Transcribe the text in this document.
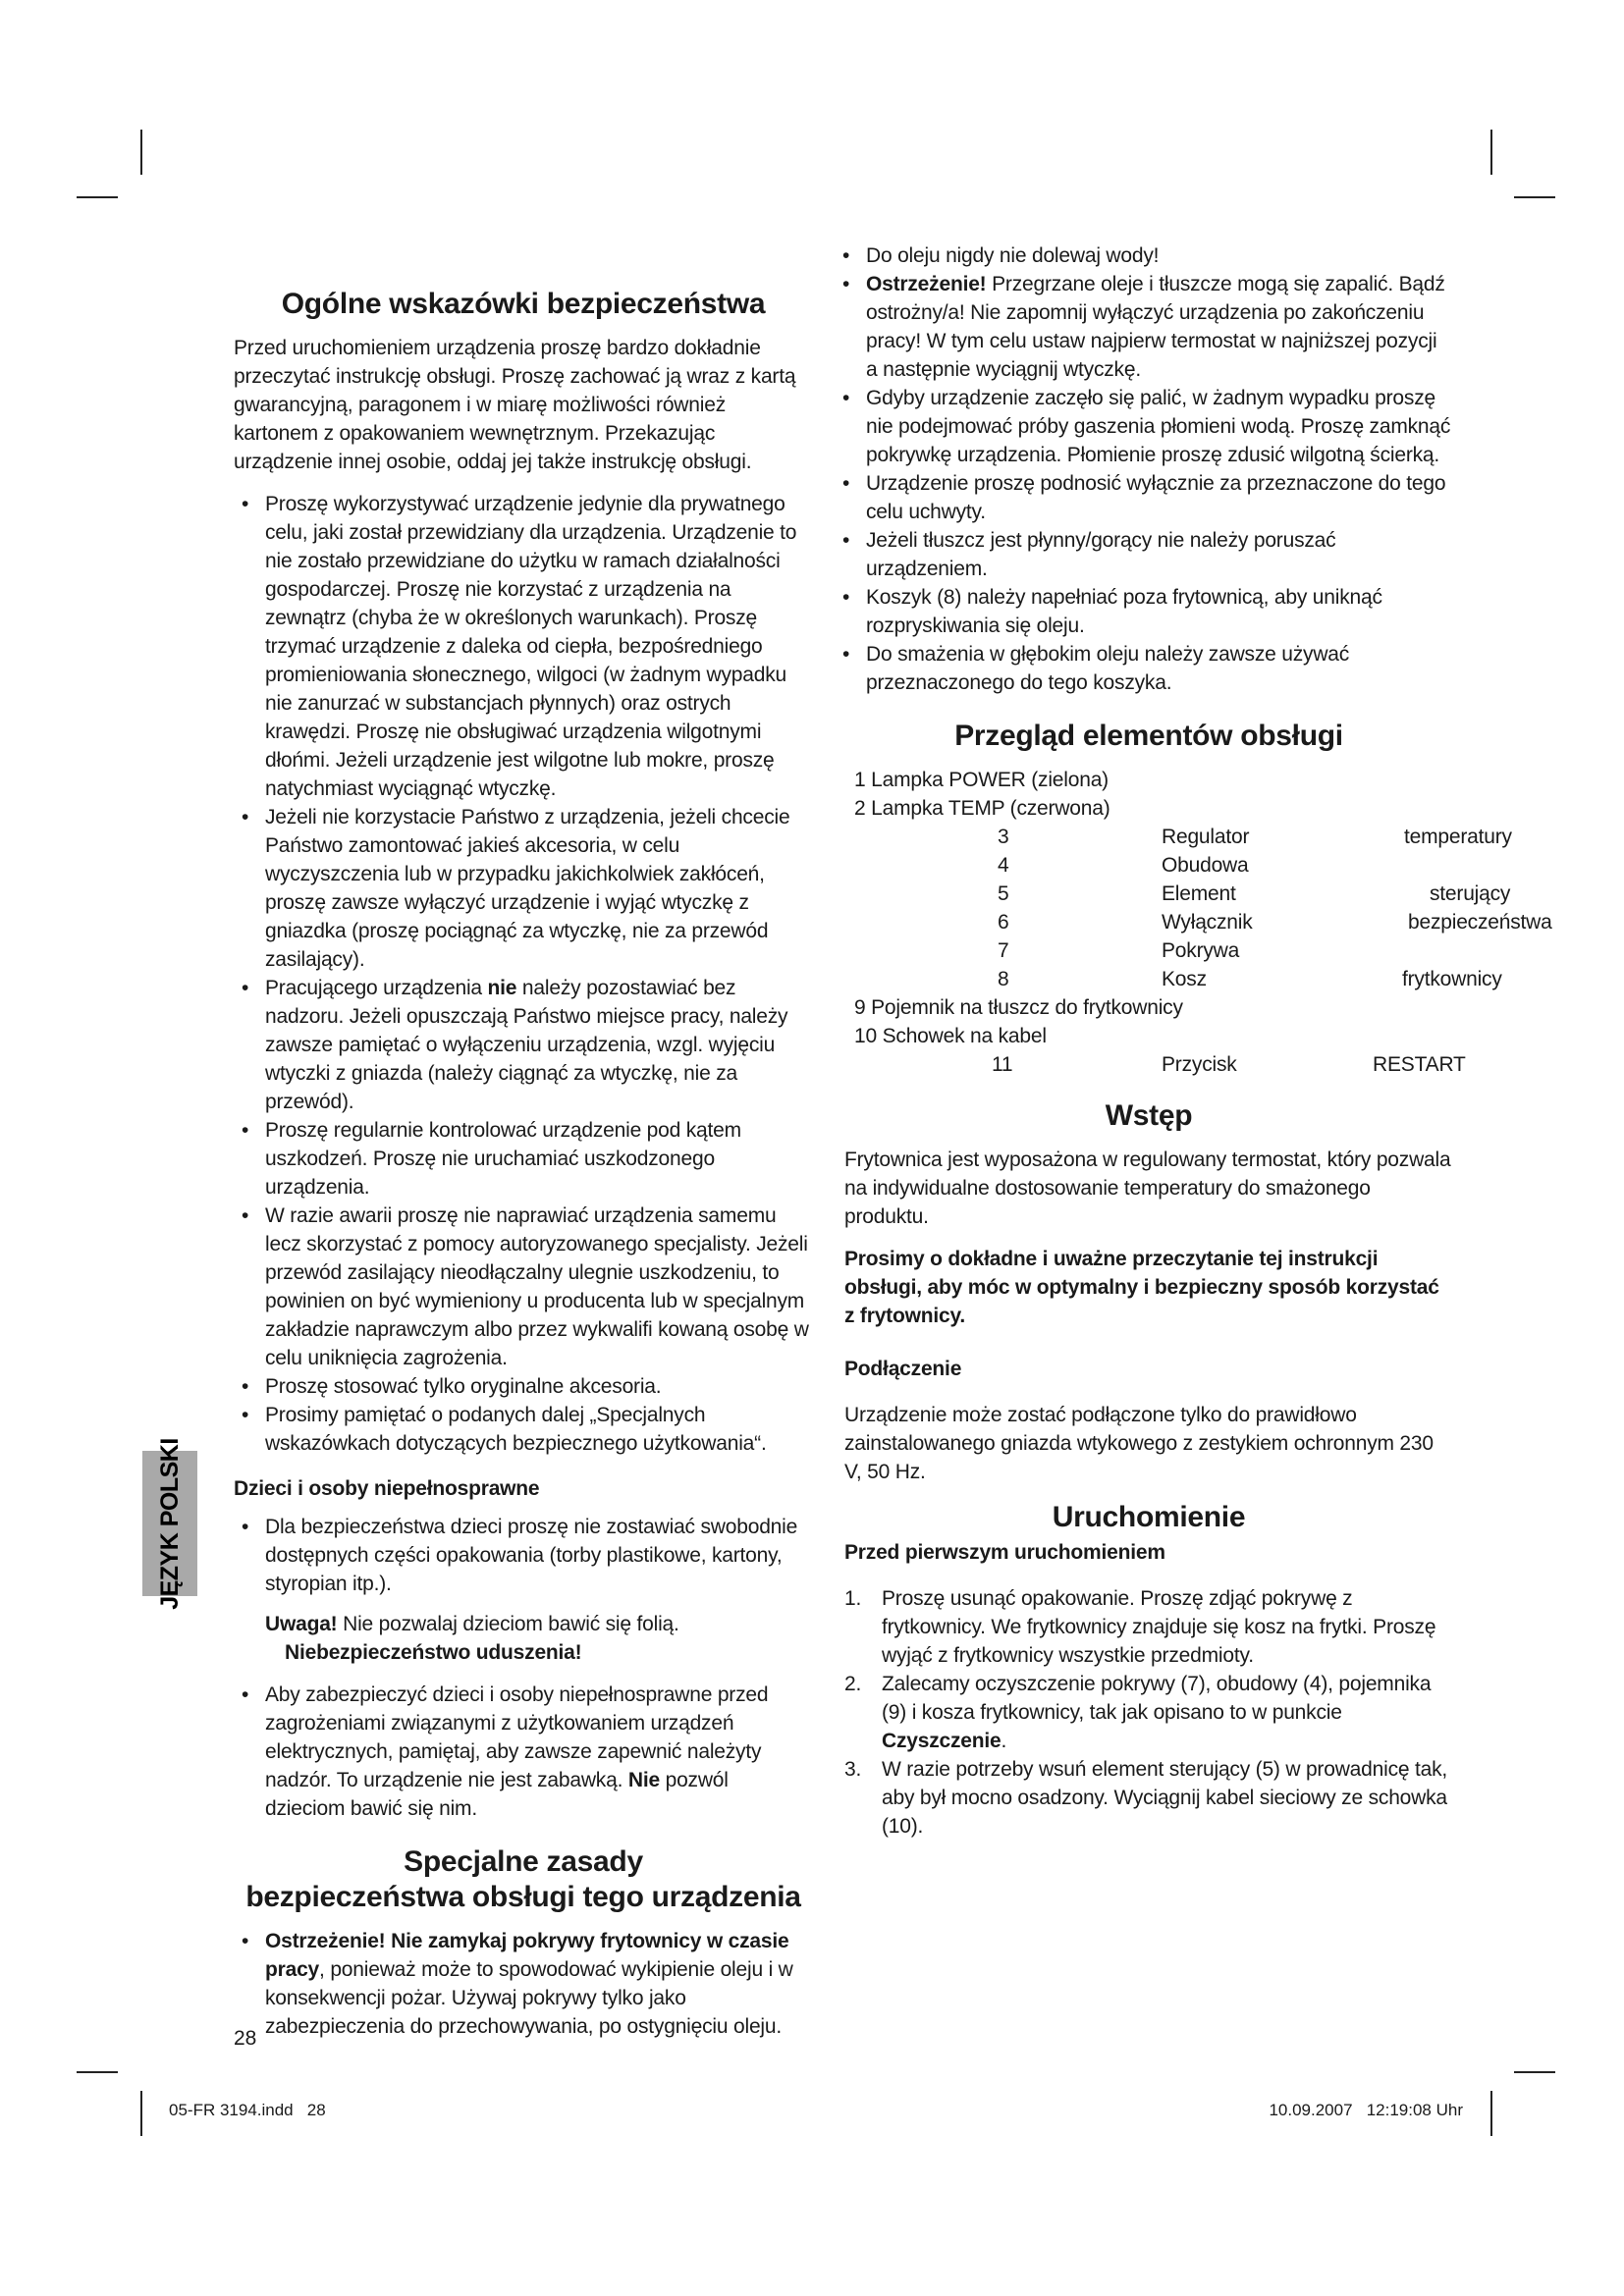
JĘZYK POLSKI
Ogólne wskazówki bezpieczeństwa

Przed uruchomieniem urządzenia proszę bardzo dokładnie przeczytać instrukcję obsługi. Proszę zachować ją wraz z kartą gwarancyjną, paragonem i w miarę możliwości również kartonem z opakowaniem wewnętrznym. Przekazując urządzenie innej osobie, oddaj jej także instrukcję obsługi.

• Proszę wykorzystywać urządzenie jedynie dla prywatnego celu, jaki został przewidziany dla urządzenia. Urządzenie to nie zostało przewidziane do użytku w ramach działalności gospodarczej. Proszę nie korzystać z urządzenia na zewnątrz (chyba że w określonych warunkach). Proszę trzymać urządzenie z daleka od ciepła, bezpośredniego promieniowania słonecznego, wilgoci (w żadnym wypadku nie zanurzać w substancjach płynnych) oraz ostrych krawędzi. Proszę nie obsługiwać urządzenia wilgotnymi dłońmi. Jeżeli urządzenie jest wilgotne lub mokre, proszę natychmiast wyciągnąć wtyczkę.
• Jeżeli nie korzystacie Państwo z urządzenia, jeżeli chcecie Państwo zamontować jakieś akcesoria, w celu wyczyszczenia lub w przypadku jakichkolwiek zakłóceń, proszę zawsze wyłączyć urządzenie i wyjąć wtyczkę z gniazdka (proszę pociągnąć za wtyczkę, nie za przewód zasilający).
• Pracującego urządzenia nie należy pozostawiać bez nadzoru. Jeżeli opuszczają Państwo miejsce pracy, należy zawsze pamiętać o wyłączeniu urządzenia, wzgl. wyjęciu wtyczki z gniazda (należy ciągnąć za wtyczkę, nie za przewód).
• Proszę regularnie kontrolować urządzenie pod kątem uszkodzeń. Proszę nie uruchamiać uszkodzonego urządzenia.
• W razie awarii proszę nie naprawiać urządzenia samemu lecz skorzystać z pomocy autoryzowanego specjalisty. Jeżeli przewód zasilający nieodłączalny ulegnie uszkodzeniu, to powinien on być wymieniony u producenta lub w specjalnym zakładzie naprawczym albo przez wykwalifi kowaną osobę w celu uniknięcia zagrożenia.
• Proszę stosować tylko oryginalne akcesoria.
• Prosimy pamiętać o podanych dalej „Specjalnych wskazówkach dotyczących bezpiecznego użytkowania“.
Dzieci i osoby niepełnosprawne
• Dla bezpieczeństwa dzieci proszę nie zostawiać swobodnie dostępnych części opakowania (torby plastikowe, kartony, styropian itp.).
Uwaga! Nie pozwalaj dzieciom bawić się folią.
Niebezpieczeństwo uduszenia!
• Aby zabezpieczyć dzieci i osoby niepełnosprawne przed zagrożeniami związanymi z użytkowaniem urządzeń elektrycznych, pamiętaj, aby zawsze zapewnić należyty nadzór. To urządzenie nie jest zabawką. Nie pozwól dzieciom bawić się nim.
Specjalne zasady
bezpieczeństwa obsługi tego urządzenia
• Ostrzeżenie! Nie zamykaj pokrywy frytownicy w czasie pracy, ponieważ może to spowodować wykipienie oleju i w konsekwencji pożar. Używaj pokrywy tylko jako zabezpieczenia do przechowywania, po ostygnięciu oleju.
28
• Do oleju nigdy nie dolewaj wody!
• Ostrzeżenie! Przegrzane oleje i tłuszcze mogą się zapalić. Bądź ostrożny/a! Nie zapomnij wyłączyć urządzenia po zakończeniu pracy! W tym celu ustaw najpierw termostat w najniższej pozycji a następnie wyciągnij wtyczkę.
• Gdyby urządzenie zaczęło się palić, w żadnym wypadku proszę nie podejmować próby gaszenia płomieni wodą. Proszę zamknąć pokrywkę urządzenia. Płomienie proszę zdusić wilgotną ścierką.
• Urządzenie proszę podnosić wyłącznie za przeznaczone do tego celu uchwyty.
• Jeżeli tłuszcz jest płynny/gorący nie należy poruszać urządzeniem.
• Koszyk (8) należy napełniać poza frytownicą, aby uniknąć rozpryskiwania się oleju.
• Do smażenia w głębokim oleju należy zawsze używać przeznaczonego do tego koszyka.
Przegląd elementów obsługi
1 Lampka POWER (zielona)
2 Lampka TEMP (czerwona)
3	Regulator	temperatury
4	Obudowa
5	Element	sterujący
6	Wyłącznik	bezpieczeństwa
7	Pokrywa
8	Kosz	frytkownicy
9 Pojemnik na tłuszcz do frytkownicy
10 Schowek na kabel
11	Przycisk	RESTART
Wstęp

Frytownica jest wyposażona w regulowany termostat, który pozwala na indywidualne dostosowanie temperatury do smażonego produktu.

Prosimy o dokładne i uważne przeczytanie tej instrukcji obsługi, aby móc w optymalny i bezpieczny sposób korzystać z frytownicy.

Podłączenie

Urządzenie może zostać podłączone tylko do prawidłowo zainstalowanego gniazda wtykowego z zestykiem ochronnym 230 V, 50 Hz.

Uruchomienie
Przed pierwszym uruchomieniem
1. Proszę usunąć opakowanie. Proszę zdjąć pokrywę z frytkownicy. We frytkownicy znajduje się kosz na frytki. Proszę wyjąć z frytkownicy wszystkie przedmioty.
2. Zalecamy oczyszczenie pokrywy (7), obudowy (4), pojemnika (9) i kosza frytkownicy, tak jak opisano to w punkcie Czyszczenie.
3. W razie potrzeby wsuń element sterujący (5) w prowadnicę tak, aby był mocno osadzony. Wyciągnij kabel sieciowy ze schowka (10).
05-FR 3194.indd   28	10.09.2007   12:19:08 Uhr
